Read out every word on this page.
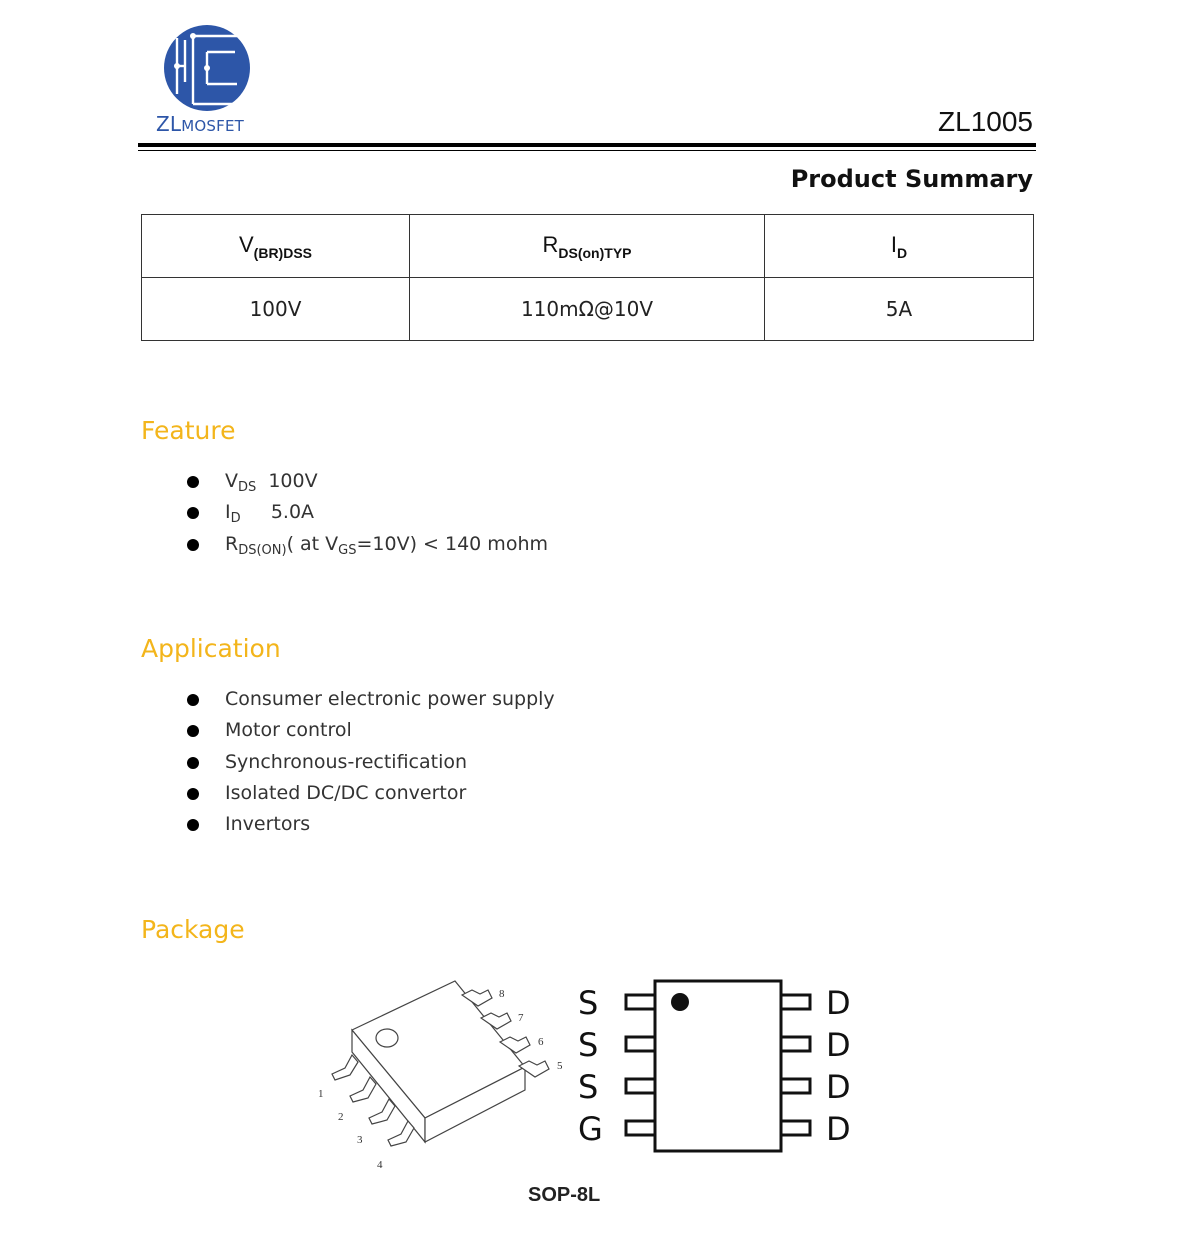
ZLMOSFET	ZL1005
Product Summary
$V_{(BR)DSS}$	$R_{DS(on)TYP}$	$I_D$
100V	110mΩ@10V	5A
Feature
$V_{DS}$  100V
$I_D$     5.0A
$R_{DS(ON)}$( at $V_{GS}=10V) < 140$ mohm
Application
Consumer electronic power supply
Motor control
Synchronous-rectification
Isolated DC/DC convertor
Invertors
Package
1
2
3
4
5
6
7
8 S
S
S
G
D
D
D
D
SOP-8L
